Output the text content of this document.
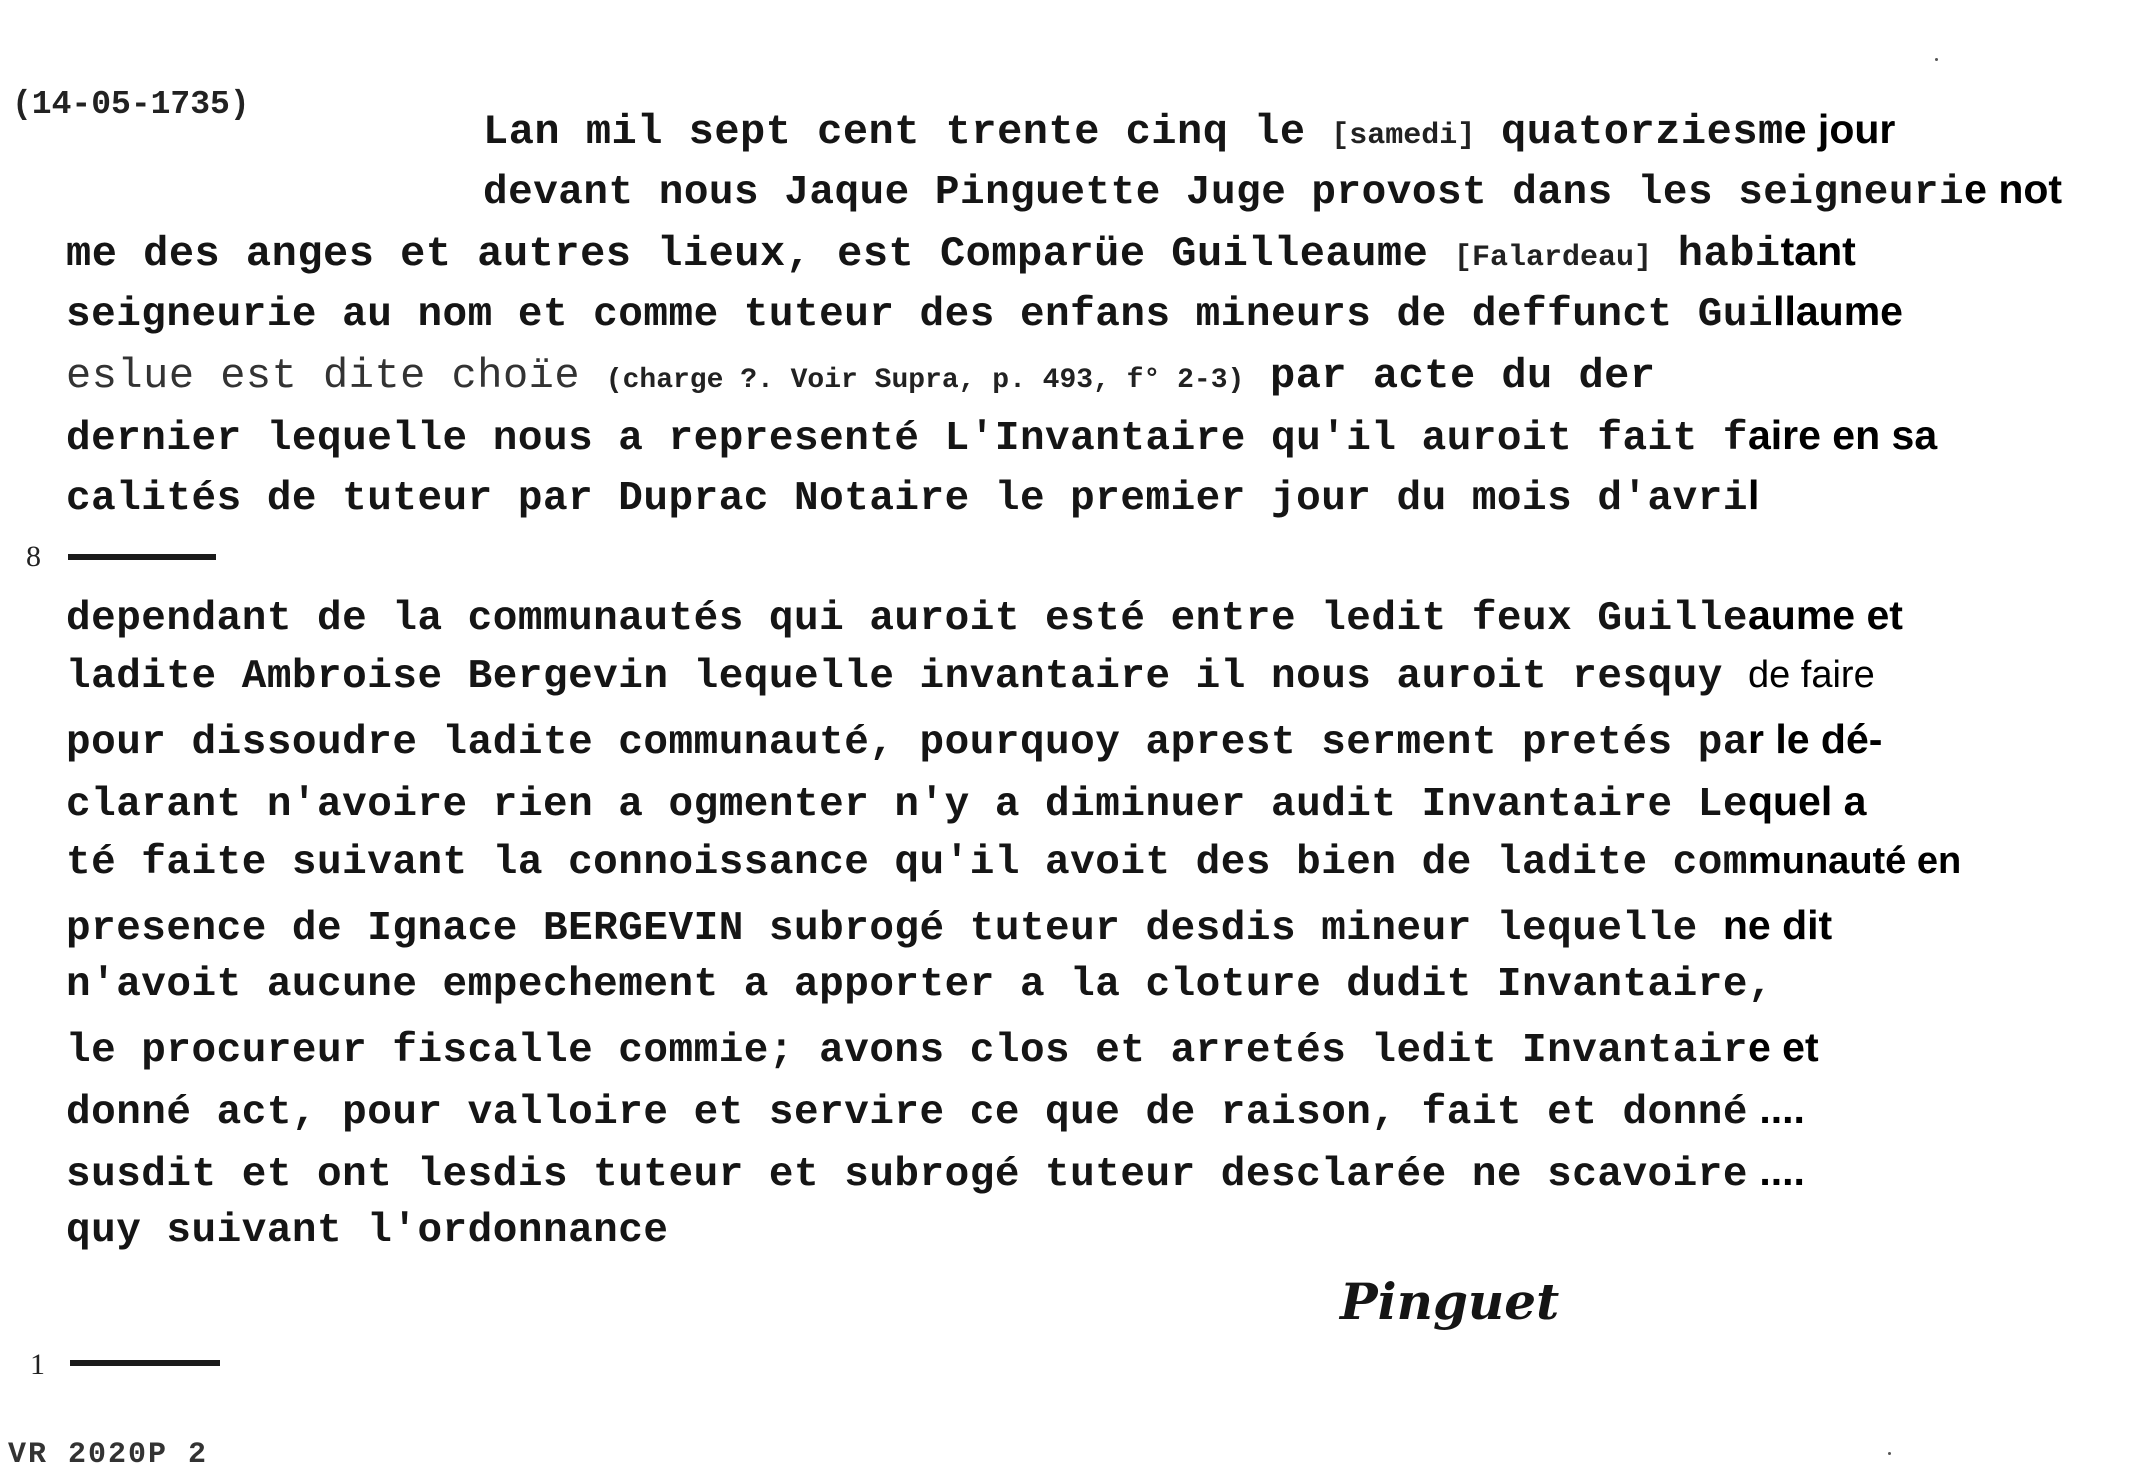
(14-05-1735)
Lan mil sept cent trente cinq le [samedi] quatorziesm e jour
devant nous Jaque Pinguette Juge provost dans les seigneuri e not
me des anges et autres lieux, est Comparüe Guilleaume [Falardeau] habi tant
seigneurie au nom et comme tuteur des enfans mineurs de deffunct Gui llaume
eslue est dite choïe (charge ?. Voir Supra, p. 493, f° 2-3) par acte du der
dernier lequelle nous a representé L'Invantaire qu'il auroit fait f aire en sa
calités de tuteur par Duprac Notaire le premier jour du mois d'avri l
8
dependant de la communautés qui auroit esté entre ledit feux Guille aume et
ladite Ambroise Bergevin lequelle invantaire il nous auroit resquy de faire
pour dissoudre ladite communauté, pourquoy aprest serment pretés pa r le dé-
clarant n'avoire rien a ogmenter n'y a diminuer audit Invantaire Le quel a
té faite suivant la connoissance qu'il avoit des bien de ladite com munauté en
presence de Ignace BERGEVIN subrogé tuteur desdis mineur lequelle ne dit
n'avoit aucune empechement a apporter a la cloture dudit Invantaire,
le procureur fiscalle commie; avons clos et arretés ledit Invantair e et
donné act, pour valloire et servire ce que de raison, fait et donné ....
susdit et ont lesdis tuteur et subrogé tuteur desclarée ne scavoire ....
quy suivant l'ordonnance
Pinguet
1
VR 2020P 2
